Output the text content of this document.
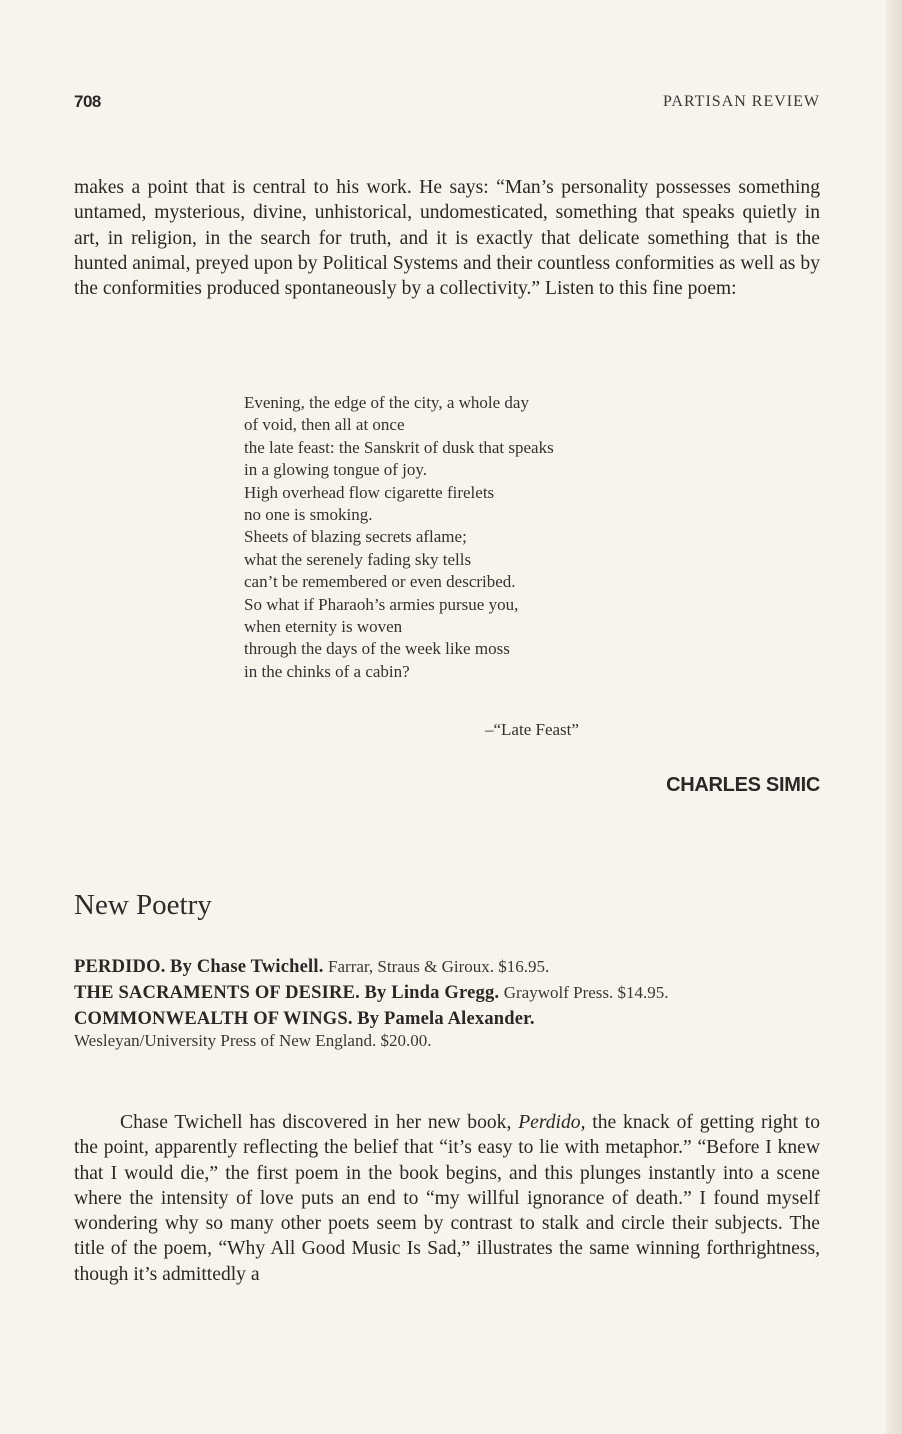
708	PARTISAN REVIEW

makes a point that is central to his work. He says: “Man’s personality possesses something untamed, mysterious, divine, unhistorical, undomesticated, something that speaks quietly in art, in religion, in the search for truth, and it is exactly that delicate something that is the hunted animal, preyed upon by Political Systems and their countless conformities as well as by the conformities produced spontaneously by a collectivity.” Listen to this fine poem:

Evening, the edge of the city, a whole day
of void, then all at once
the late feast: the Sanskrit of dusk that speaks
in a glowing tongue of joy.
High overhead flow cigarette firelets
no one is smoking.
Sheets of blazing secrets aflame;
what the serenely fading sky tells
can’t be remembered or even described.
So what if Pharaoh’s armies pursue you,
when eternity is woven
through the days of the week like moss
in the chinks of a cabin?
–“Late Feast”
CHARLES SIMIC
New Poetry
PERDIDO. By Chase Twichell. Farrar, Straus & Giroux. $16.95.
THE SACRAMENTS OF DESIRE. By Linda Gregg. Graywolf Press. $14.95.
COMMONWEALTH OF WINGS. By Pamela Alexander.
Wesleyan/University Press of New England. $20.00.

Chase Twichell has discovered in her new book, Perdido, the knack of getting right to the point, apparently reflecting the belief that “it’s easy to lie with metaphor.” “Before I knew that I would die,” the first poem in the book begins, and this plunges instantly into a scene where the intensity of love puts an end to “my willful ignorance of death.” I found myself wondering why so many other poets seem by contrast to stalk and circle their subjects. The title of the poem, “Why All Good Music Is Sad,” illustrates the same winning forthrightness, though it’s admittedly a
